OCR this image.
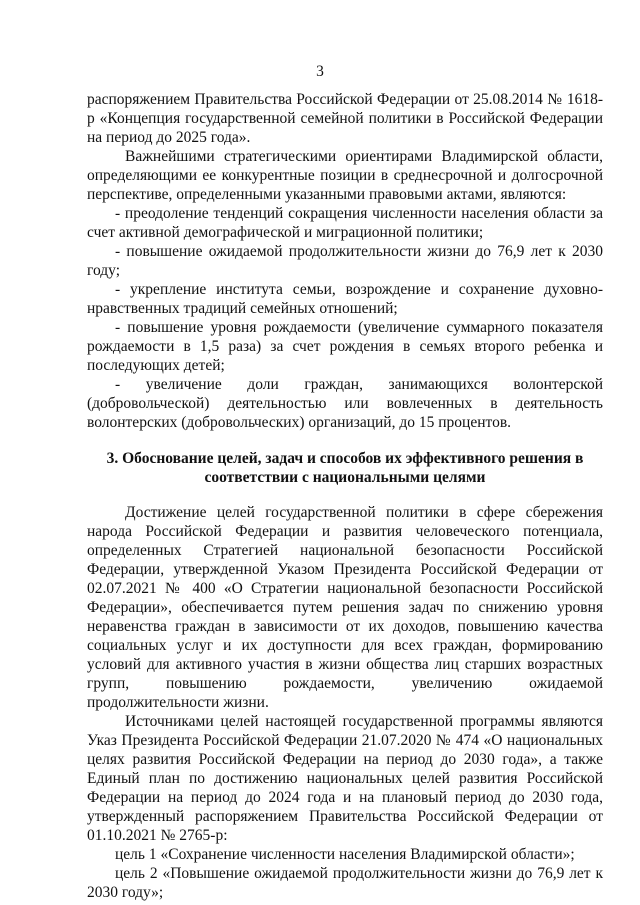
3

распоряжением Правительства Российской Федерации от 25.08.2014 № 1618-р «Концепция государственной семейной политики в Российской Федерации на период до 2025 года».

Важнейшими стратегическими ориентирами Владимирской области, определяющими ее конкурентные позиции в среднесрочной и долгосрочной перспективе, определенными указанными правовыми актами, являются:

- преодоление тенденций сокращения численности населения области за счет активной демографической и миграционной политики;

- повышение ожидаемой продолжительности жизни до 76,9 лет к 2030 году;

- укрепление института семьи, возрождение и сохранение духовно-нравственных традиций семейных отношений;

- повышение уровня рождаемости (увеличение суммарного показателя рождаемости в 1,5 раза) за счет рождения в семьях второго ребенка и последующих детей;

- увеличение доли граждан, занимающихся волонтерской (добровольческой) деятельностью или вовлеченных в деятельность волонтерских (добровольческих) организаций, до 15 процентов.

3. Обоснование целей, задач и способов их эффективного решения в соответствии с национальными целями

Достижение целей государственной политики в сфере сбережения народа Российской Федерации и развития человеческого потенциала, определенных Стратегией национальной безопасности Российской Федерации, утвержденной Указом Президента Российской Федерации от 02.07.2021 № 400 «О Стратегии национальной безопасности Российской Федерации», обеспечивается путем решения задач по снижению уровня неравенства граждан в зависимости от их доходов, повышению качества социальных услуг и их доступности для всех граждан, формированию условий для активного участия в жизни общества лиц старших возрастных групп, повышению рождаемости, увеличению ожидаемой продолжительности жизни.

Источниками целей настоящей государственной программы являются Указ Президента Российской Федерации 21.07.2020 № 474 «О национальных целях развития Российской Федерации на период до 2030 года», а также Единый план по достижению национальных целей развития Российской Федерации на период до 2024 года и на плановый период до 2030 года, утвержденный распоряжением Правительства Российской Федерации от 01.10.2021 № 2765-р:

цель 1 «Сохранение численности населения Владимирской области»;

цель 2 «Повышение ожидаемой продолжительности жизни до 76,9 лет к 2030 году»;
